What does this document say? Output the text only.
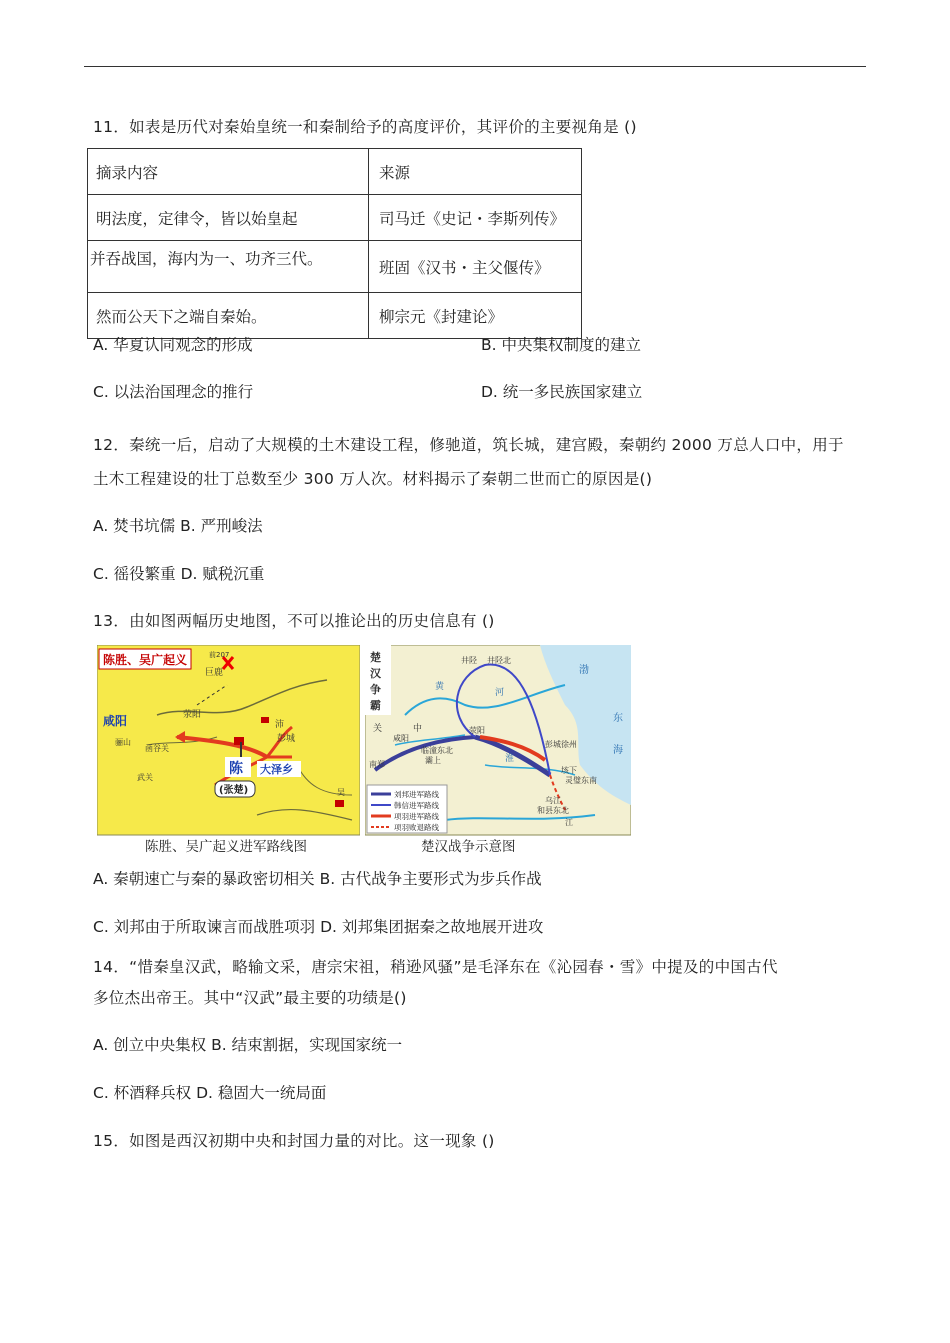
11．如表是历代对秦始皇统一和秦制给予的高度评价，其评价的主要视角是 ()
摘录内容	来源
明法度，定律令，皆以始皇起	司马迁《史记・李斯列传》
并吞战国，海内为一、功齐三代。	班固《汉书・主父偃传》
然而公天下之端自秦始。	柳宗元《封建论》
A. 华夏认同观念的形成	B. 中央集权制度的建立
C. 以法治国理念的推行	D. 统一多民族国家建立
12．秦统一后，启动了大规模的土木建设工程，修驰道，筑长城，建宫殿，秦朝约 2000 万总人口中，用于
土木工程建设的壮丁总数至少 300 万人次。材料揭示了秦朝二世而亡的原因是()
A. 焚书坑儒 B. 严刑峻法
C. 徭役繁重 D. 赋税沉重
13．由如图两幅历史地图，不可以推论出的历史信息有 ()
陈胜、吴广起义
咸阳
骊山
函谷关
武关
荥阳
巨鹿
前207
沛
彭城
陈
(张楚)
大泽乡
吴
陈胜、吴广起义进军路线图
楚
汉
争
霸
关	中
咸阳
南郑
临潼东北
灞上
荥阳
井陉 井陉北
彭城徐州
垓下
灵璧东南
乌江
和县东北
江
黄
河
淮
渤
东
海
刘邦进军路线
韩信进军路线
项羽进军路线
项羽败退路线
楚汉战争示意图
A. 秦朝速亡与秦的暴政密切相关 B. 古代战争主要形式为步兵作战
C. 刘邦由于所取谏言而战胜项羽 D. 刘邦集团据秦之故地展开进攻
14．“惜秦皇汉武，略输文采，唐宗宋祖，稍逊风骚”是毛泽东在《沁园春・雪》中提及的中国古代
多位杰出帝王。其中“汉武”最主要的功绩是()
A. 创立中央集权 B. 结束割据，实现国家统一
C. 杯酒释兵权 D. 稳固大一统局面
15．如图是西汉初期中央和封国力量的对比。这一现象 ()
